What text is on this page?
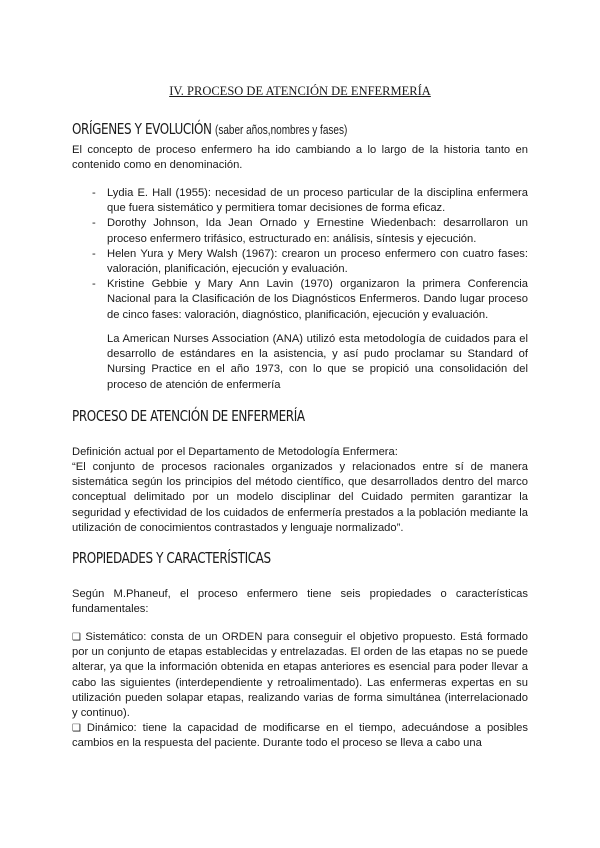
IV. PROCESO DE ATENCIÓN DE ENFERMERÍA
ORÍGENES Y EVOLUCIÓN (saber años,nombres y fases)

El concepto de proceso enfermero ha ido cambiando a lo largo de la historia tanto en contenido como en denominación.

- Lydia E. Hall (1955): necesidad de un proceso particular de la disciplina enfermera que fuera sistemático y permitiera tomar decisiones de forma eficaz.
- Dorothy Johnson, Ida Jean Ornado y Ernestine Wiedenbach: desarrollaron un proceso enfermero trifásico, estructurado en: análisis, síntesis y ejecución.
- Helen Yura y Mery Walsh (1967): crearon un proceso enfermero con cuatro fases: valoración, planificación, ejecución y evaluación.
- Kristine Gebbie y Mary Ann Lavin (1970) organizaron la primera Conferencia Nacional para la Clasificación de los Diagnósticos Enfermeros. Dando lugar proceso de cinco fases: valoración, diagnóstico, planificación, ejecución y evaluación.

La American Nurses Association (ANA) utilizó esta metodología de cuidados para el desarrollo de estándares en la asistencia, y así pudo proclamar su Standard of Nursing Practice en el año 1973, con lo que se propició una consolidación del proceso de atención de enfermería

PROCESO DE ATENCIÓN DE ENFERMERÍA

Definición actual por el Departamento de Metodología Enfermera:

“El conjunto de procesos racionales organizados y relacionados entre sí de manera sistemática según los principios del método científico, que desarrollados dentro del marco conceptual delimitado por un modelo disciplinar del Cuidado permiten garantizar la seguridad y efectividad de los cuidados de enfermería prestados a la población mediante la utilización de conocimientos contrastados y lenguaje normalizado”.

PROPIEDADES Y CARACTERÍSTICAS

Según M.Phaneuf, el proceso enfermero tiene seis propiedades o características fundamentales:

❑ Sistemático: consta de un ORDEN para conseguir el objetivo propuesto. Está formado por un conjunto de etapas establecidas y entrelazadas. El orden de las etapas no se puede alterar, ya que la información obtenida en etapas anteriores es esencial para poder llevar a cabo las siguientes (interdependiente y retroalimentado). Las enfermeras expertas en su utilización pueden solapar etapas, realizando varias de forma simultánea (interrelacionado y continuo).

❑ Dinámico: tiene la capacidad de modificarse en el tiempo, adecuándose a posibles cambios en la respuesta del paciente. Durante todo el proceso se lleva a cabo una
